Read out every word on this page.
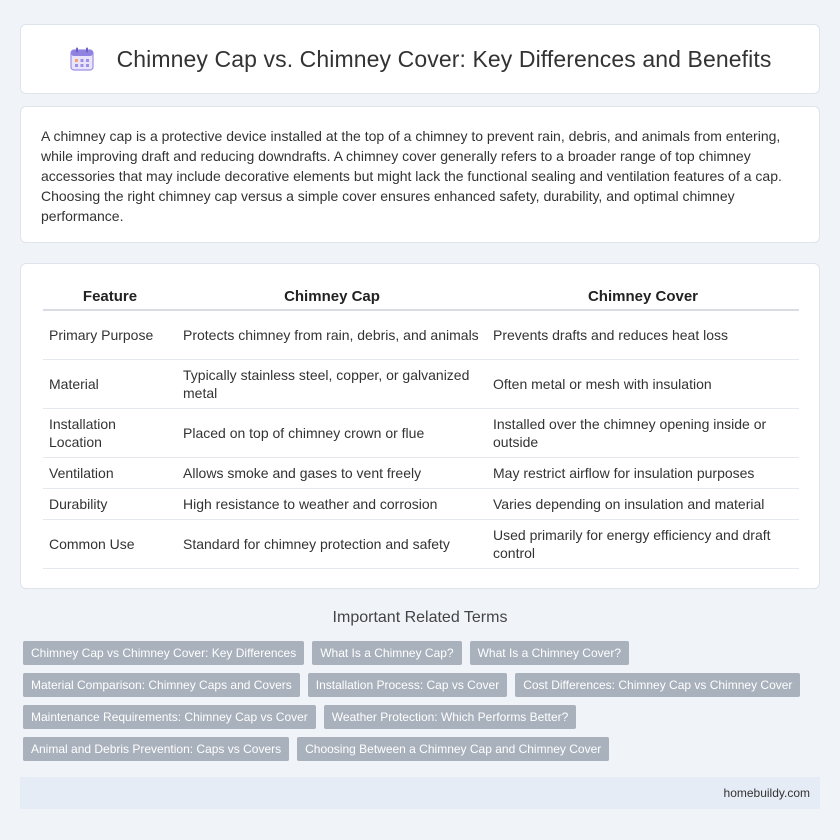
Chimney Cap vs. Chimney Cover: Key Differences and Benefits

A chimney cap is a protective device installed at the top of a chimney to prevent rain, debris, and animals from entering, while improving draft and reducing downdrafts. A chimney cover generally refers to a broader range of top chimney accessories that may include decorative elements but might lack the functional sealing and ventilation features of a cap. Choosing the right chimney cap versus a simple cover ensures enhanced safety, durability, and optimal chimney performance.

Feature	Chimney Cap	Chimney Cover
Primary Purpose	Protects chimney from rain, debris, and animals	Prevents drafts and reduces heat loss
Material	Typically stainless steel, copper, or galvanized metal	Often metal or mesh with insulation
Installation Location	Placed on top of chimney crown or flue	Installed over the chimney opening inside or outside
Ventilation	Allows smoke and gases to vent freely	May restrict airflow for insulation purposes
Durability	High resistance to weather and corrosion	Varies depending on insulation and material
Common Use	Standard for chimney protection and safety	Used primarily for energy efficiency and draft control
Important Related Terms
Chimney Cap vs Chimney Cover: Key Differences	What Is a Chimney Cap?	What Is a Chimney Cover?
Material Comparison: Chimney Caps and Covers	Installation Process: Cap vs Cover	Cost Differences: Chimney Cap vs Chimney Cover
Maintenance Requirements: Chimney Cap vs Cover	Weather Protection: Which Performs Better?
Animal and Debris Prevention: Caps vs Covers	Choosing Between a Chimney Cap and Chimney Cover
homebuildy.com
